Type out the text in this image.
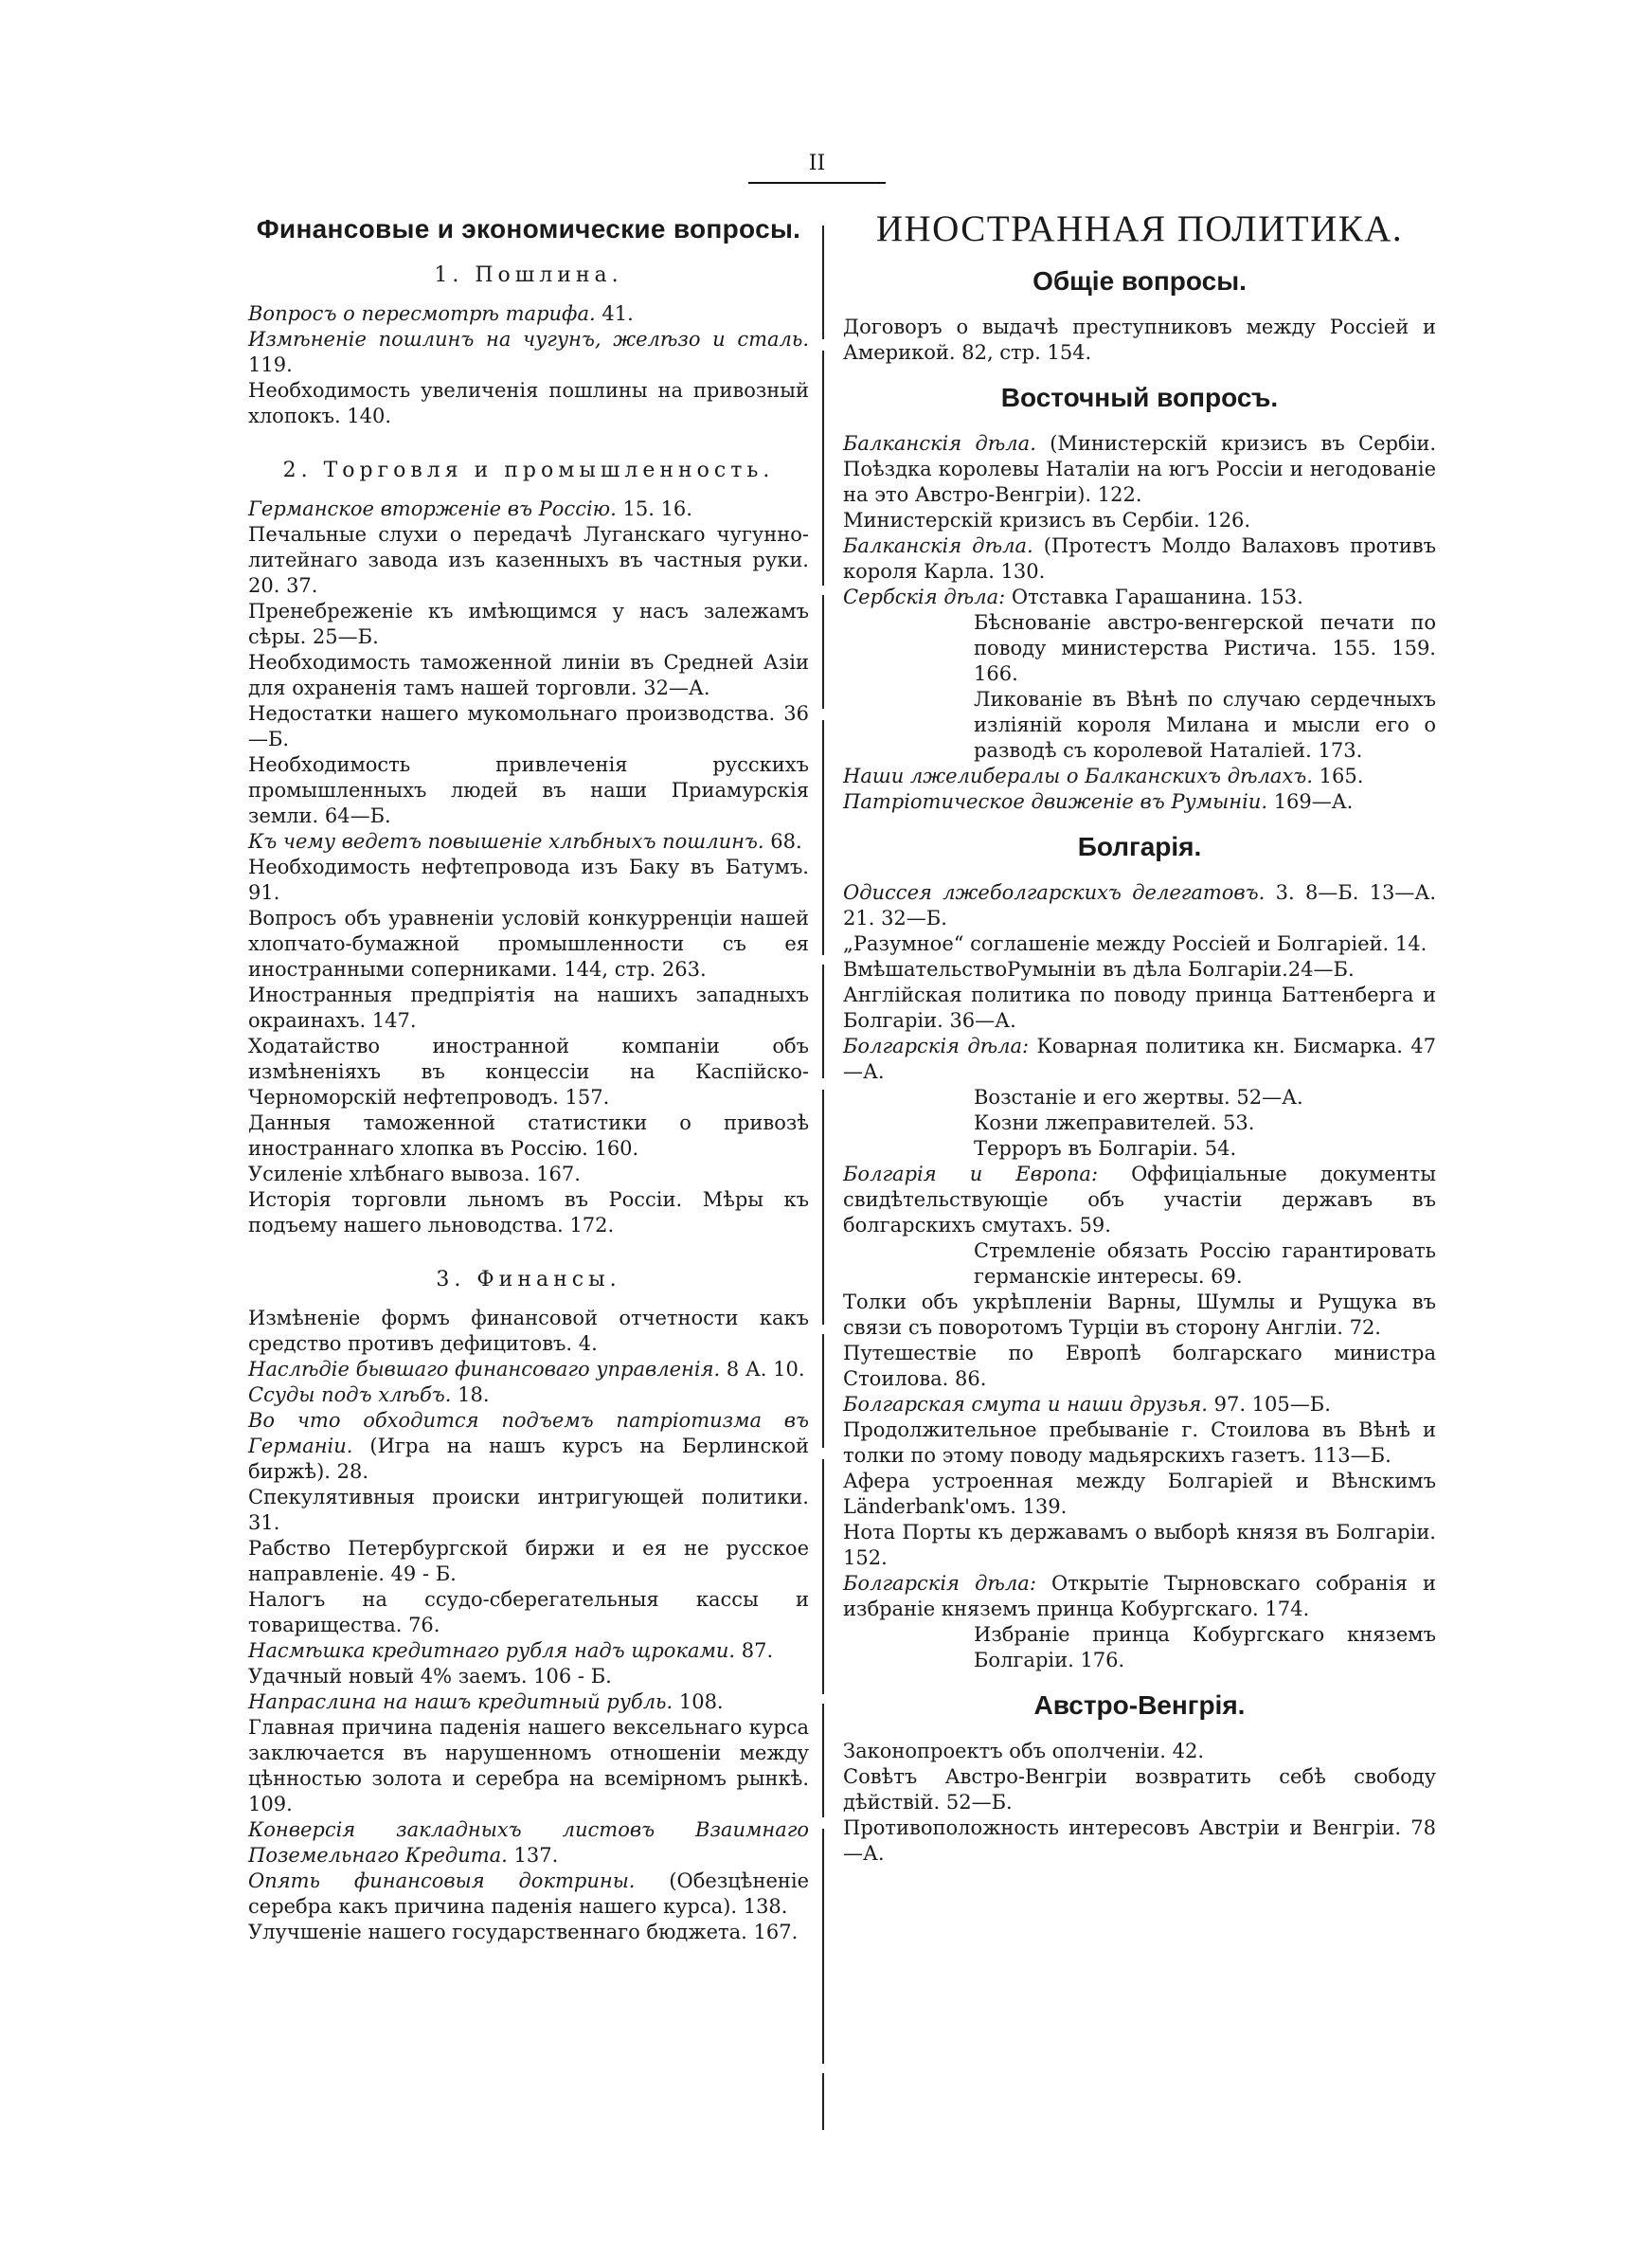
II
Финансовые и экономические вопросы.
1. Пошлина.

Вопросъ о пересмотрѣ тарифа. 41.

Измѣненіе пошлинъ на чугунъ, желѣзо и сталь. 119.

Необходимость увеличенія пошлины на привозный хлопокъ. 140.

2. Торговля и промышленность.

Германское вторженіе въ Россію. 15. 16.

Печальные слухи о передачѣ Луганскаго чугунно-литейнаго завода изъ казенныхъ въ частныя руки. 20. 37.

Пренебреженіе къ имѣющимся у насъ залежамъ сѣры. 25—Б.

Необходимость таможенной линіи въ Средней Азіи для охраненія тамъ нашей торговли. 32—А.

Недостатки нашего мукомольнаго производства. 36—Б.

Необходимость привлеченія русскихъ промышленныхъ людей въ наши Приамурскія земли. 64—Б.

Къ чему ведетъ повышеніе хлѣбныхъ пошлинъ. 68.

Необходимость нефтепровода изъ Баку въ Батумъ. 91.

Вопросъ объ уравненіи условій конкурренціи нашей хлопчато-бумажной промышленности съ ея иностранными соперниками. 144, стр. 263.

Иностранныя предпріятія на нашихъ западныхъ окраинахъ. 147.

Ходатайство иностранной компаніи объ измѣненіяхъ въ концессіи на Каспійско-Черноморскій нефтепроводъ. 157.

Данныя таможенной статистики о привозѣ иностраннаго хлопка въ Россію. 160.

Усиленіе хлѣбнаго вывоза. 167.

Исторія торговли льномъ въ Россіи. Мѣры къ подъему нашего льноводства. 172.

3. Финансы.

Измѣненіе формъ финансовой отчетности какъ средство противъ дефицитовъ. 4.

Наслѣдіе бывшаго финансоваго управленія. 8 А. 10.

Ссуды подъ хлѣбъ. 18.

Во что обходится подъемъ патріотизма въ Германіи. (Игра на нашъ курсъ на Берлинской биржѣ). 28.

Спекулятивныя происки интригующей политики. 31.

Рабство Петербургской биржи и ея не русское направленіе. 49 - Б.

Налогъ на ссудо-сберегательныя кассы и товарищества. 76.

Насмѣшка кредитнаго рубля надъ щроками. 87.

Удачный новый 4% заемъ. 106 - Б.

Напраслина на нашъ кредитный рубль. 108.

Главная причина паденія нашего вексельнаго курса заключается въ нарушенномъ отношеніи между цѣнностью золота и серебра на всемірномъ рынкѣ. 109.

Конверсія закладныхъ листовъ Взаимнаго Поземельнаго Кредита. 137.

Опять финансовыя доктрины. (Обезцѣненіе серебра какъ причина паденія нашего курса). 138.

Улучшеніе нашего государственнаго бюджета. 167.

ИНОСТРАННАЯ ПОЛИТИКА.
Общіе вопросы.

Договоръ о выдачѣ преступниковъ между Россіей и Америкой. 82, стр. 154.

Восточный вопросъ.

Балканскія дѣла. (Министерскій кризисъ въ Сербіи. Поѣздка королевы Наталіи на югъ Россіи и негодованіе на это Австро-Венгріи). 122.

Министерскій кризисъ въ Сербіи. 126.

Балканскія дѣла. (Протестъ Молдо Валаховъ противъ короля Карла. 130.

Сербскія дѣла: Отставка Гарашанина. 153.

Бѣснованіе австро-венгерской печати по поводу министерства Ристича. 155. 159. 166.

Ликованіе въ Вѣнѣ по случаю сердечныхъ изліяній короля Милана и мысли его о разводѣ съ королевой Наталіей. 173.

Наши лжелибералы о Балканскихъ дѣлахъ. 165.

Патріотическое движеніе въ Румыніи. 169—А.

Болгарія.

Одиссея лжеболгарскихъ делегатовъ. 3. 8—Б. 13—А. 21. 32—Б.

„Разумное“ соглашеніе между Россіей и Болгаріей. 14.

ВмѣшательствоРумыніи въ дѣла Болгаріи.24—Б.

Англійская политика по поводу принца Баттенберга и Болгаріи. 36—А.

Болгарскія дѣла: Коварная политика кн. Бисмарка. 47—А.

Возстаніе и его жертвы. 52—А.

Козни лжеправителей. 53.

Терроръ въ Болгаріи. 54.

Болгарія и Европа: Оффиціальные документы свидѣтельствующіе объ участіи державъ въ болгарскихъ смутахъ. 59.

Стремленіе обязать Россію гарантировать германскіе интересы. 69.

Толки объ укрѣпленіи Варны, Шумлы и Рущука въ связи съ поворотомъ Турціи въ сторону Англіи. 72.

Путешествіе по Европѣ болгарскаго министра Стоилова. 86.

Болгарская смута и наши друзья. 97. 105—Б.

Продолжительное пребываніе г. Стоилова въ Вѣнѣ и толки по этому поводу мадьярскихъ газетъ. 113—Б.

Афера устроенная между Болгаріей и Вѣнскимъ Länderbank'омъ. 139.

Нота Порты къ державамъ о выборѣ князя въ Болгаріи. 152.

Болгарскія дѣла: Открытіе Тырновскаго собранія и избраніе княземъ принца Кобургскаго. 174.

Избраніе принца Кобургскаго княземъ Болгаріи. 176.

Австро-Венгрія.

Законопроектъ объ ополченіи. 42.

Совѣтъ Австро-Венгріи возвратить себѣ свободу дѣйствій. 52—Б.

Противоположность интересовъ Австріи и Венгріи. 78—А.
